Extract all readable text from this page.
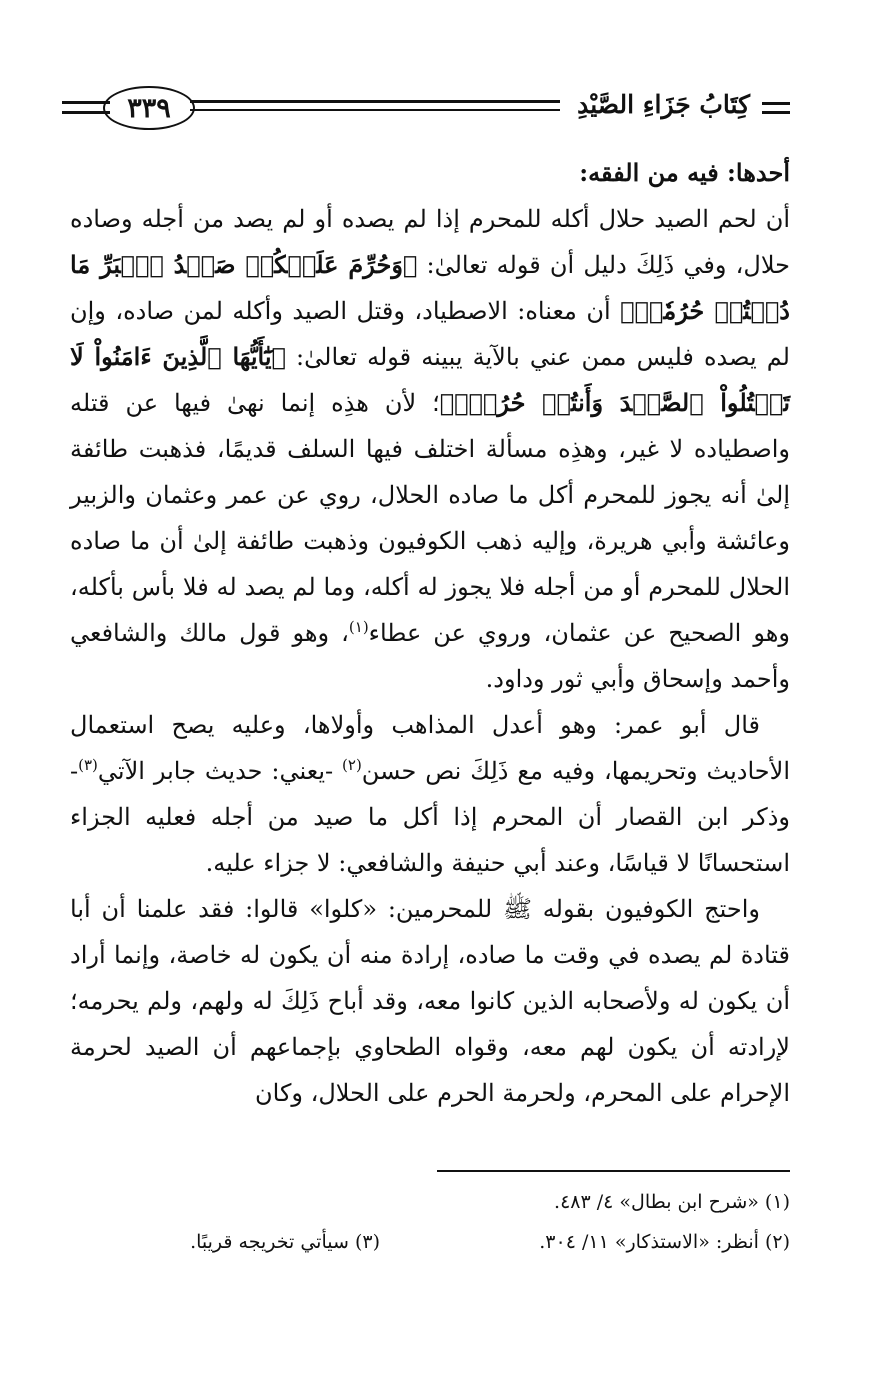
٣٣٩	كِتَابُ جَزَاءِ الصَّيْدِ

أحدها: فيه من الفقه:

أن لحم الصيد حلال أكله للمحرم إذا لم يصده أو لم يصد من أجله وصاده حلال، وفي ذَلِكَ دليل أن قوله تعالىٰ: ﴿وَحُرِّمَ عَلَيۡكُمۡ صَيۡدُ ٱلۡبَرِّ مَا دُمۡتُمۡ حُرُمٗاۗ﴾ أن معناه: الاصطياد، وقتل الصيد وأكله لمن صاده، وإن لم يصده فليس ممن عني بالآية يبينه قوله تعالىٰ: ﴿يَٰٓأَيُّهَا ٱلَّذِينَ ءَامَنُواْ لَا تَقۡتُلُواْ ٱلصَّيۡدَ وَأَنتُمۡ حُرُمٞۚ﴾؛ لأن هذِه إنما نهىٰ فيها عن قتله واصطياده لا غير، وهذِه مسألة اختلف فيها السلف قديمًا، فذهبت طائفة إلىٰ أنه يجوز للمحرم أكل ما صاده الحلال، روي عن عمر وعثمان والزبير وعائشة وأبي هريرة، وإليه ذهب الكوفيون وذهبت طائفة إلىٰ أن ما صاده الحلال للمحرم أو من أجله فلا يجوز له أكله، وما لم يصد له فلا بأس بأكله، وهو الصحيح عن عثمان، وروي عن عطاء$^{(١)}$، وهو قول مالك والشافعي وأحمد وإسحاق وأبي ثور وداود.

قال أبو عمر: وهو أعدل المذاهب وأولاها، وعليه يصح استعمال الأحاديث وتحريمها، وفيه مع ذَلِكَ نص حسن$^{(٢)}$ -يعني: حديث جابر الآتي$^{(٣)}$- وذكر ابن القصار أن المحرم إذا أكل ما صيد من أجله فعليه الجزاء استحسانًا لا قياسًا، وعند أبي حنيفة والشافعي: لا جزاء عليه.

واحتج الكوفيون بقوله ﷺ للمحرمين: «كلوا» قالوا: فقد علمنا أن أبا قتادة لم يصده في وقت ما صاده، إرادة منه أن يكون له خاصة، وإنما أراد أن يكون له ولأصحابه الذين كانوا معه، وقد أباح ذَلِكَ له ولهم، ولم يحرمه؛ لإرادته أن يكون لهم معه، وقواه الطحاوي بإجماعهم أن الصيد لحرمة الإحرام على المحرم، ولحرمة الحرم على الحلال، وكان

(١) «شرح ابن بطال» ٤/ ٤٨٣.
(٢) أنظر: «الاستذكار» ١١/ ٣٠٤.
(٣) سيأتي تخريجه قريبًا.
